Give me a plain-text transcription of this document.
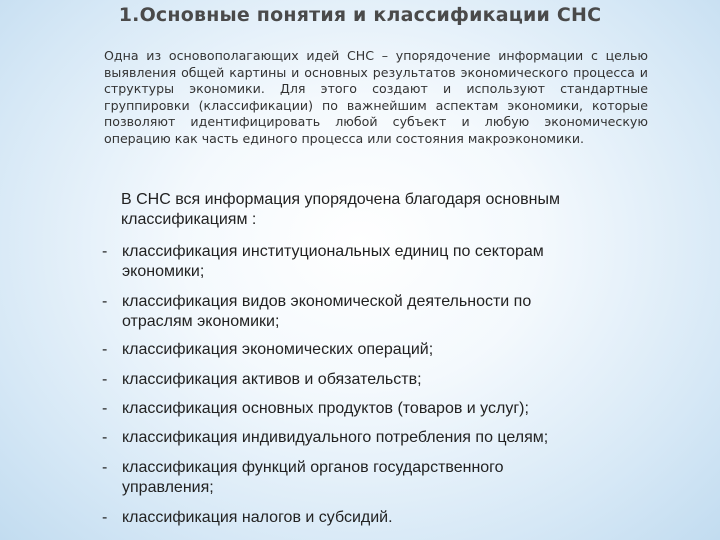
1.Основные понятия и классификации СНС
Одна из основополагающих идей СНС – упорядочение информации с целью выявления общей картины и основных результатов экономического процесса и структуры экономики. Для этого создают и используют стандартные группировки (классификации) по важнейшим аспектам экономики, которые позволяют идентифицировать любой субъект и любую экономическую операцию как часть единого процесса или состояния макроэкономики.
В СНС вся информация упорядочена благодаря основным классификациям :
- классификация институциональных единиц по секторам
экономики;
- классификация видов экономической деятельности по
отраслям экономики;
- классификация экономических операций;
- классификация активов и обязательств;
- классификация основных продуктов (товаров и услуг);
- классификация индивидуального потребления по целям;
- классификация функций органов государственного
управления;
- классификация налогов и субсидий.
